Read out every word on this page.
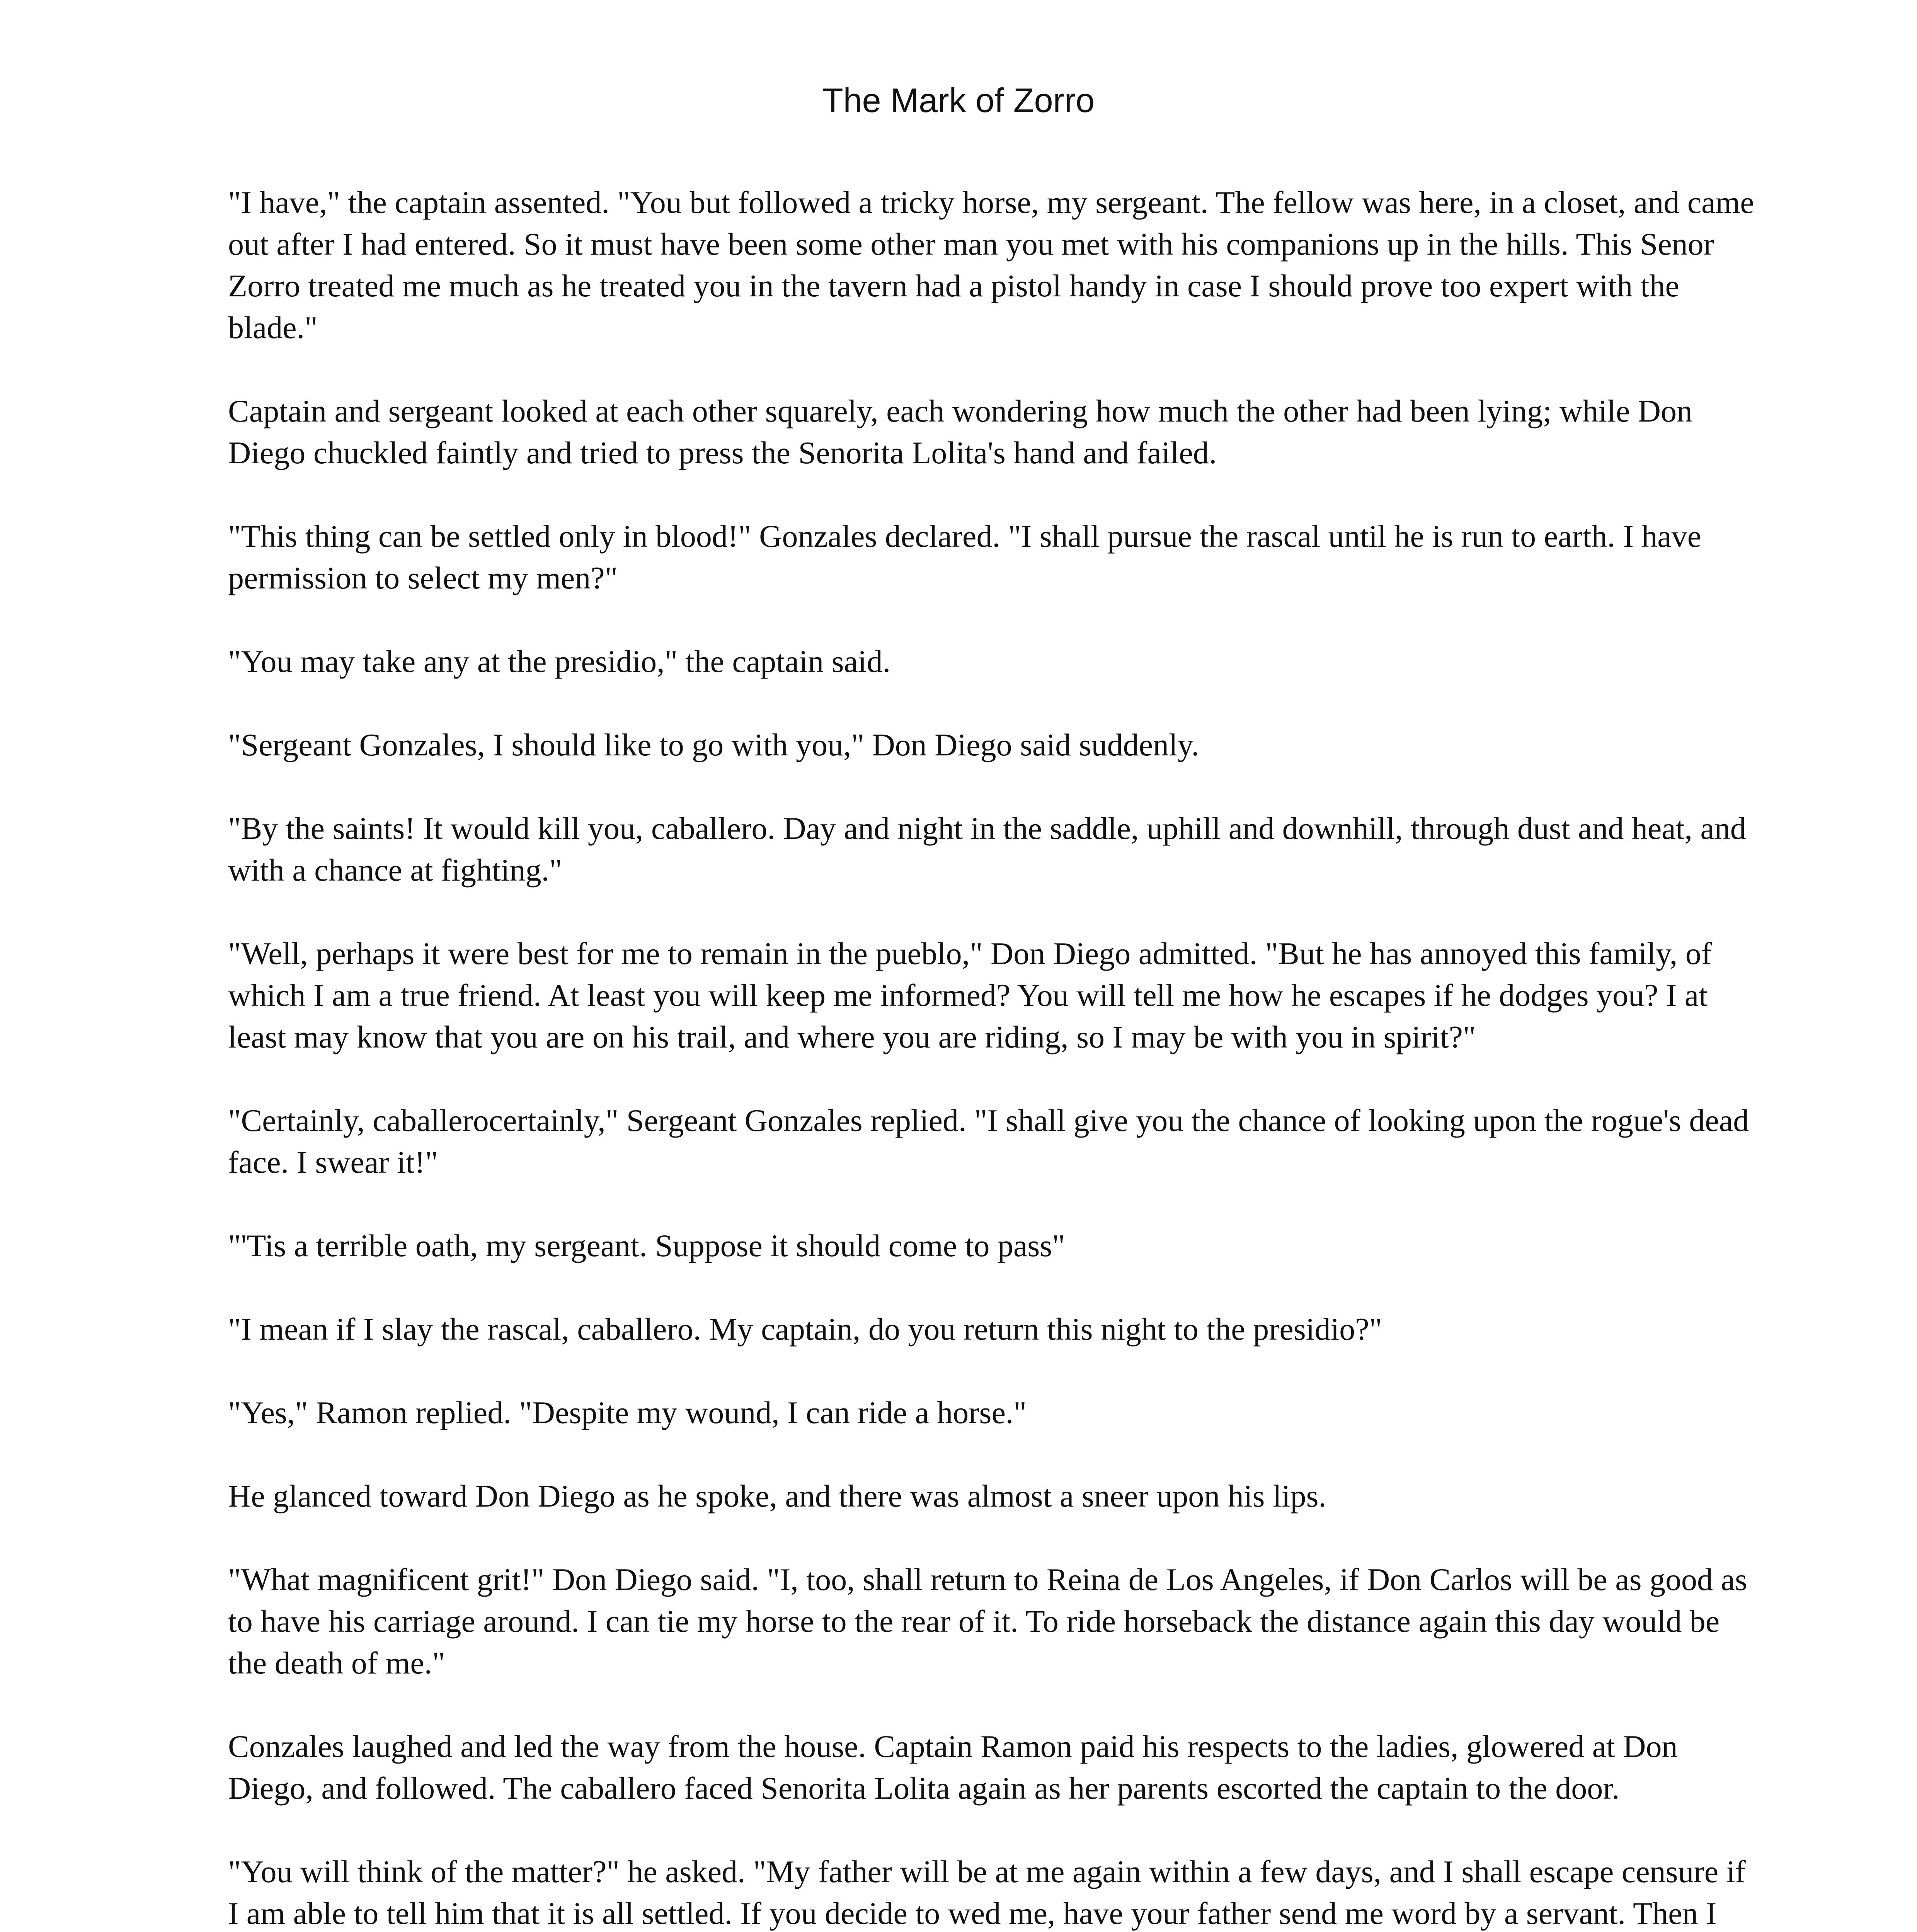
The Mark of Zorro

"I have," the captain assented. "You but followed a tricky horse, my sergeant. The fellow was here, in a closet, and came out after I had entered. So it must have been some other man you met with his companions up in the hills. This Senor Zorro treated me much as he treated you in the tavern had a pistol handy in case I should prove too expert with the blade."

Captain and sergeant looked at each other squarely, each wondering how much the other had been lying; while Don Diego chuckled faintly and tried to press the Senorita Lolita's hand and failed.

"This thing can be settled only in blood!" Gonzales declared. "I shall pursue the rascal until he is run to earth. I have permission to select my men?"

"You may take any at the presidio," the captain said.

"Sergeant Gonzales, I should like to go with you," Don Diego said suddenly.

"By the saints! It would kill you, caballero. Day and night in the saddle, uphill and downhill, through dust and heat, and with a chance at fighting."

"Well, perhaps it were best for me to remain in the pueblo," Don Diego admitted. "But he has annoyed this family, of which I am a true friend. At least you will keep me informed? You will tell me how he escapes if he dodges you? I at least may know that you are on his trail, and where you are riding, so I may be with you in spirit?"

"Certainly, caballerocertainly," Sergeant Gonzales replied. "I shall give you the chance of looking upon the rogue's dead face. I swear it!"

"'Tis a terrible oath, my sergeant. Suppose it should come to pass"

"I mean if I slay the rascal, caballero. My captain, do you return this night to the presidio?"

"Yes," Ramon replied. "Despite my wound, I can ride a horse."

He glanced toward Don Diego as he spoke, and there was almost a sneer upon his lips.

"What magnificent grit!" Don Diego said. "I, too, shall return to Reina de Los Angeles, if Don Carlos will be as good as to have his carriage around. I can tie my horse to the rear of it. To ride horseback the distance again this day would be the death of me."

Conzales laughed and led the way from the house. Captain Ramon paid his respects to the ladies, glowered at Don Diego, and followed. The caballero faced Senorita Lolita again as her parents escorted the captain to the door.

"You will think of the matter?" he asked. "My father will be at me again within a few days, and I shall escape censure if I am able to tell him that it is all settled. If you decide to wed me, have your father send me word by a servant. Then I
